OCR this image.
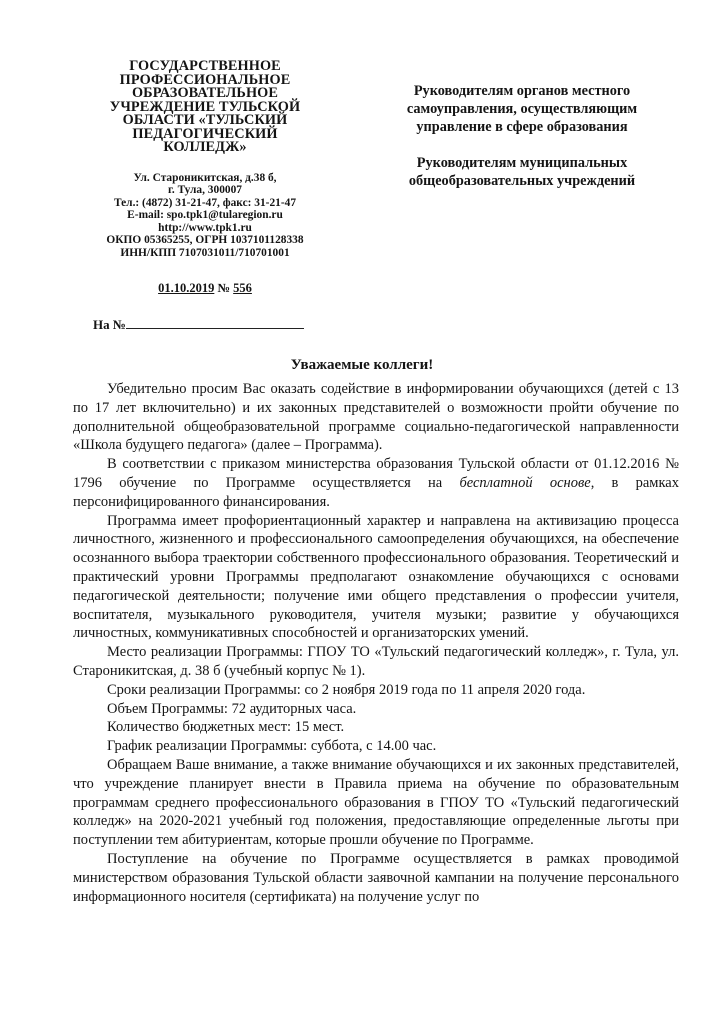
ГОСУДАРСТВЕННОЕ
ПРОФЕССИОНАЛЬНОЕ
ОБРАЗОВАТЕЛЬНОЕ
УЧРЕЖДЕНИЕ ТУЛЬСКОЙ
ОБЛАСТИ «ТУЛЬСКИЙ
ПЕДАГОГИЧЕСКИЙ
КОЛЛЕДЖ»
Ул. Староникитская, д.38 б,
г. Тула, 300007
Тел.: (4872) 31-21-47, факс: 31-21-47
E-mail: spo.tpk1@tularegion.ru
http://www.tpk1.ru
ОКПО 05365255, ОГРН 1037101128338
ИНН/КПП 7107031011/710701001
01.10.2019 № 556
На №
Руководителям органов местного самоуправления, осуществляющим управление в сфере образования
Руководителям муниципальных общеобразовательных учреждений
Уважаемые коллеги!

Убедительно просим Вас оказать содействие в информировании обучающихся (детей с 13 по 17 лет включительно) и их законных представителей о возможности пройти обучение по дополнительной общеобразовательной программе социально-педагогической направленности «Школа будущего педагога» (далее – Программа).

В соответствии с приказом министерства образования Тульской области от 01.12.2016 № 1796 обучение по Программе осуществляется на бесплатной основе, в рамках персонифицированного финансирования.

Программа имеет профориентационный характер и направлена на активизацию процесса личностного, жизненного и профессионального самоопределения обучающихся, на обеспечение осознанного выбора траектории собственного профессионального образования. Теоретический и практический уровни Программы предполагают ознакомление обучающихся с основами педагогической деятельности; получение ими общего представления о профессии учителя, воспитателя, музыкального руководителя, учителя музыки; развитие у обучающихся личностных, коммуникативных способностей и организаторских умений.

Место реализации Программы: ГПОУ ТО «Тульский педагогический колледж», г. Тула, ул. Староникитская, д. 38 б (учебный корпус № 1).

Сроки реализации Программы: со 2 ноября 2019 года по 11 апреля 2020 года.

Объем Программы: 72 аудиторных часа.

Количество бюджетных мест: 15 мест.

График реализации Программы: суббота, с 14.00 час.

Обращаем Ваше внимание, а также внимание обучающихся и их законных представителей, что учреждение планирует внести в Правила приема на обучение по образовательным программам среднего профессионального образования в ГПОУ ТО «Тульский педагогический колледж» на 2020-2021 учебный год положения, предоставляющие определенные льготы при поступлении тем абитуриентам, которые прошли обучение по Программе.

Поступление на обучение по Программе осуществляется в рамках проводимой министерством образования Тульской области заявочной кампании на получение персонального информационного носителя (сертификата) на получение услуг по
